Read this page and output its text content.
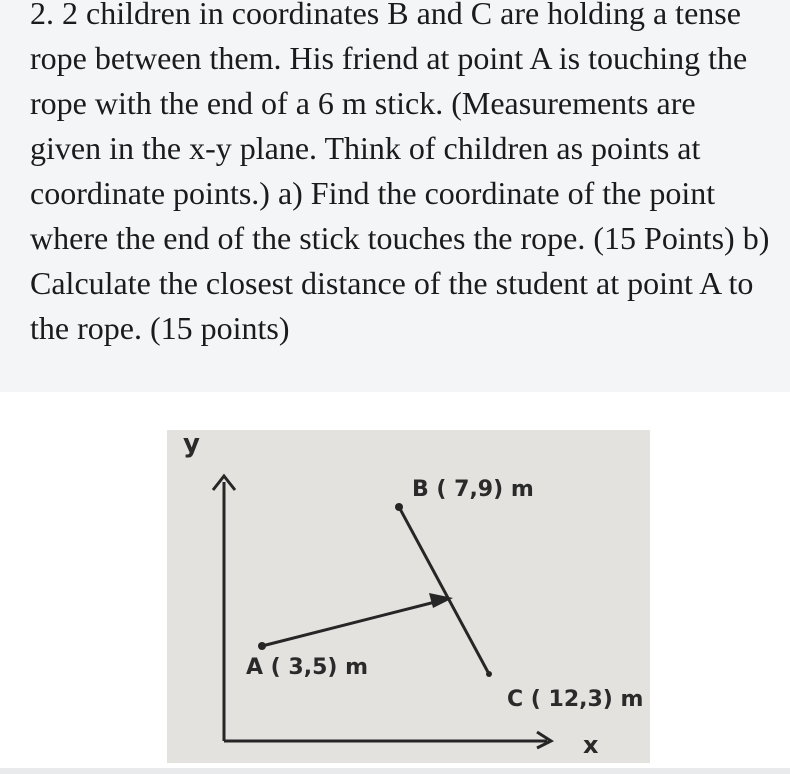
2. 2 children in coordinates B and C are holding a tense rope between them. His friend at point A is touching the rope with the end of a 6 m stick. (Measurements are given in the x-y plane. Think of children as points at coordinate points.) a) Find the coordinate of the point where the end of the stick touches the rope. (15 Points) b) Calculate the closest distance of the student at point A to the rope. (15 points)

y
x
A ( 3,5) m
B ( 7,9) m
C ( 12,3) m
